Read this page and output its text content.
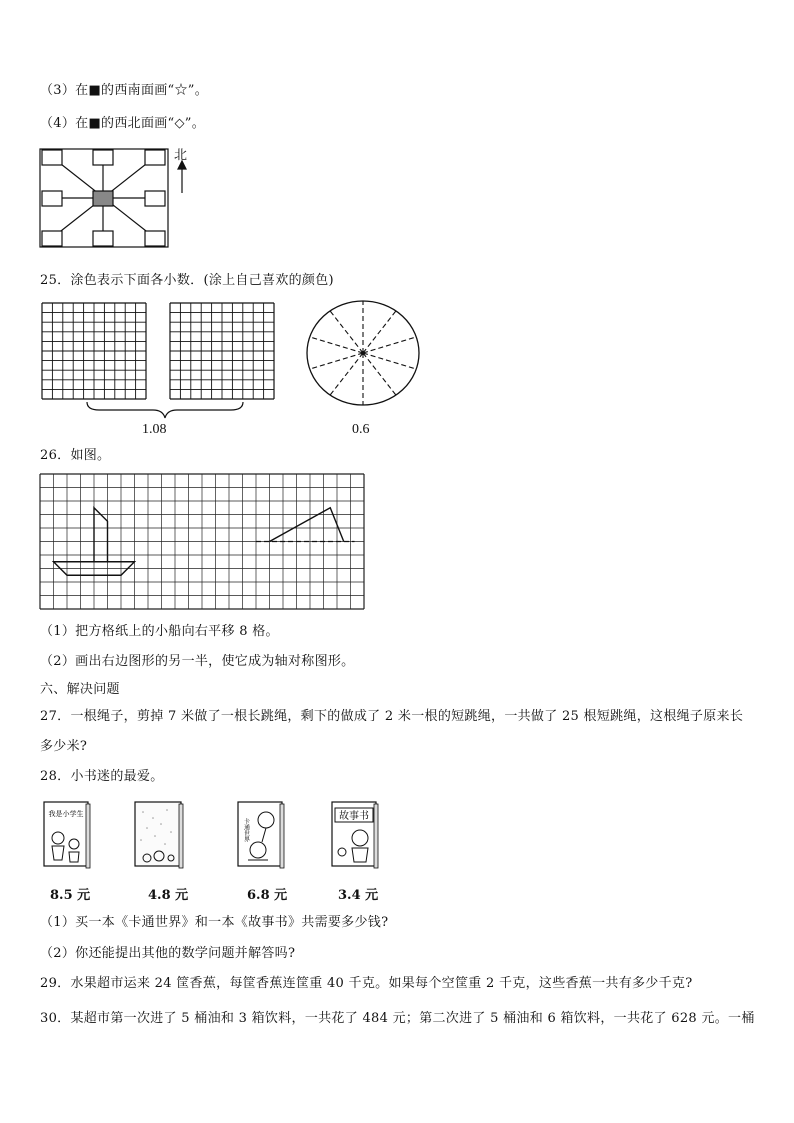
（3）在■的西南面画“☆”。
（4）在■的西北面画“◇”。
北
25．涂色表示下面各小数．(涂上自己喜欢的颜色)
1.08	0.6
26．如图。
（1）把方格纸上的小船向右平移 8 格。
（2）画出右边图形的另一半，使它成为轴对称图形。
六、解决问题
27．一根绳子，剪掉 7 米做了一根长跳绳，剩下的做成了 2 米一根的短跳绳，一共做了 25 根短跳绳，这根绳子原来长
多少米?
28．小书迷的最爱。
我是小学生
卡通世界
故事书
8.5 元	4.8 元	6.8 元	3.4 元
（1）买一本《卡通世界》和一本《故事书》共需要多少钱?
（2）你还能提出其他的数学问题并解答吗?
29．水果超市运来 24 筐香蕉，每筐香蕉连筐重 40 千克。如果每个空筐重 2 千克，这些香蕉一共有多少千克?
30．某超市第一次进了 5 桶油和 3 箱饮料，一共花了 484 元；第二次进了 5 桶油和 6 箱饮料，一共花了 628 元。一桶
